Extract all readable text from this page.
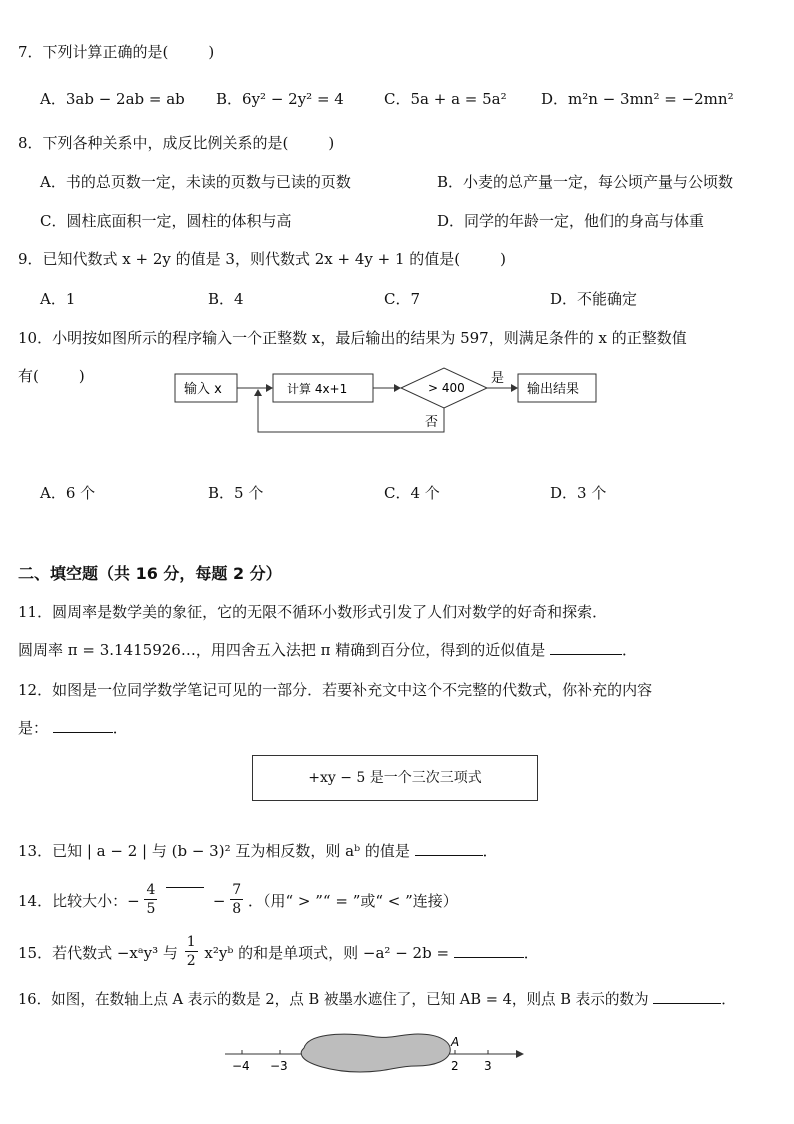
7．下列计算正确的是(	)
A．3ab − 2ab = ab B．6y² − 2y² = 4	C．5a + a = 5a² D．m²n − 3mn² = −2mn²
8．下列各种关系中，成反比例关系的是(	)
A．书的总页数一定，未读的页数与已读的页数	B．小麦的总产量一定，每公顷产量与公顷数
C．圆柱底面积一定，圆柱的体积与高	D．同学的年龄一定，他们的身高与体重
9．已知代数式 x + 2y 的值是 3，则代数式 2x + 4y + 1 的值是(	)
A．1	B．4	C．7	D．不能确定
10．小明按如图所示的程序输入一个正整数 x，最后输出的结果为 597，则满足条件的 x 的正整数值
有(	)
输入 x	计算 4x+1	> 400
是
输出结果
否
A．6 个	B．5 个	C．4 个	D．3 个
二、填空题（共 16 分，每题 2 分）
11．圆周率是数学美的象征，它的无限不循环小数形式引发了人们对数学的好奇和探索．
圆周率 π = 3.1415926…，用四舍五入法把 π 精确到百分位，得到的近似值是	．
12．如图是一位同学数学笔记可见的一部分．若要补充文中这个不完整的代数式，你补充的内容
是：	．
+xy − 5 是一个三次三项式
13．已知 | a − 2 | 与 (b − 3)² 互为相反数，则 aᵇ 的值是	．
14．比较大小：− $\frac{4}{5}$	− $\frac{7}{8}$ ．（用“ > ”“ = ”或“ < ”连接）
15．若代数式 −xᵃy³ 与 $\frac{1}{2}$ x²yᵇ 的和是单项式，则 −a² − 2b =	．
16．如图，在数轴上点 A 表示的数是 2，点 B 被墨水遮住了，已知 AB = 4，则点 B 表示的数为	．
−4 −3	2 3
A
